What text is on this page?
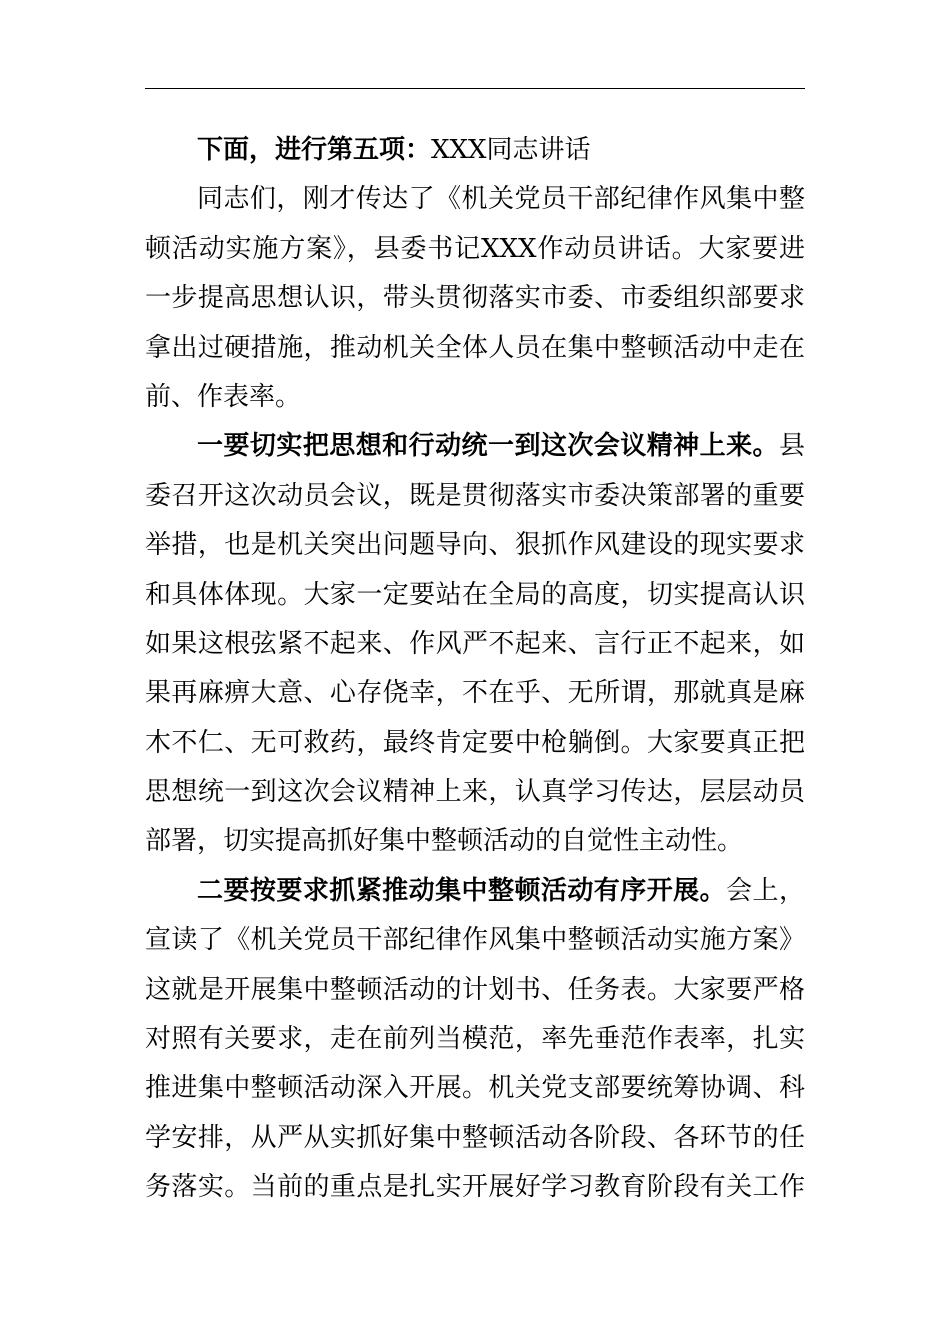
下面，进行第五项：XXX同志讲话
同志们，刚才传达了《机关党员干部纪律作风集中整
顿活动实施方案》，县委书记XXX作动员讲话。大家要进
一步提高思想认识，带头贯彻落实市委、市委组织部要求
拿出过硬措施，推动机关全体人员在集中整顿活动中走在
前、作表率。
一要切实把思想和行动统一到这次会议精神上来。县
委召开这次动员会议，既是贯彻落实市委决策部署的重要
举措，也是机关突出问题导向、狠抓作风建设的现实要求
和具体体现。大家一定要站在全局的高度，切实提高认识
如果这根弦紧不起来、作风严不起来、言行正不起来，如
果再麻痹大意、心存侥幸，不在乎、无所谓，那就真是麻
木不仁、无可救药，最终肯定要中枪躺倒。大家要真正把
思想统一到这次会议精神上来，认真学习传达，层层动员
部署，切实提高抓好集中整顿活动的自觉性主动性。
二要按要求抓紧推动集中整顿活动有序开展。会上，
宣读了《机关党员干部纪律作风集中整顿活动实施方案》
这就是开展集中整顿活动的计划书、任务表。大家要严格
对照有关要求，走在前列当模范，率先垂范作表率，扎实
推进集中整顿活动深入开展。机关党支部要统筹协调、科
学安排，从严从实抓好集中整顿活动各阶段、各环节的任
务落实。当前的重点是扎实开展好学习教育阶段有关工作
